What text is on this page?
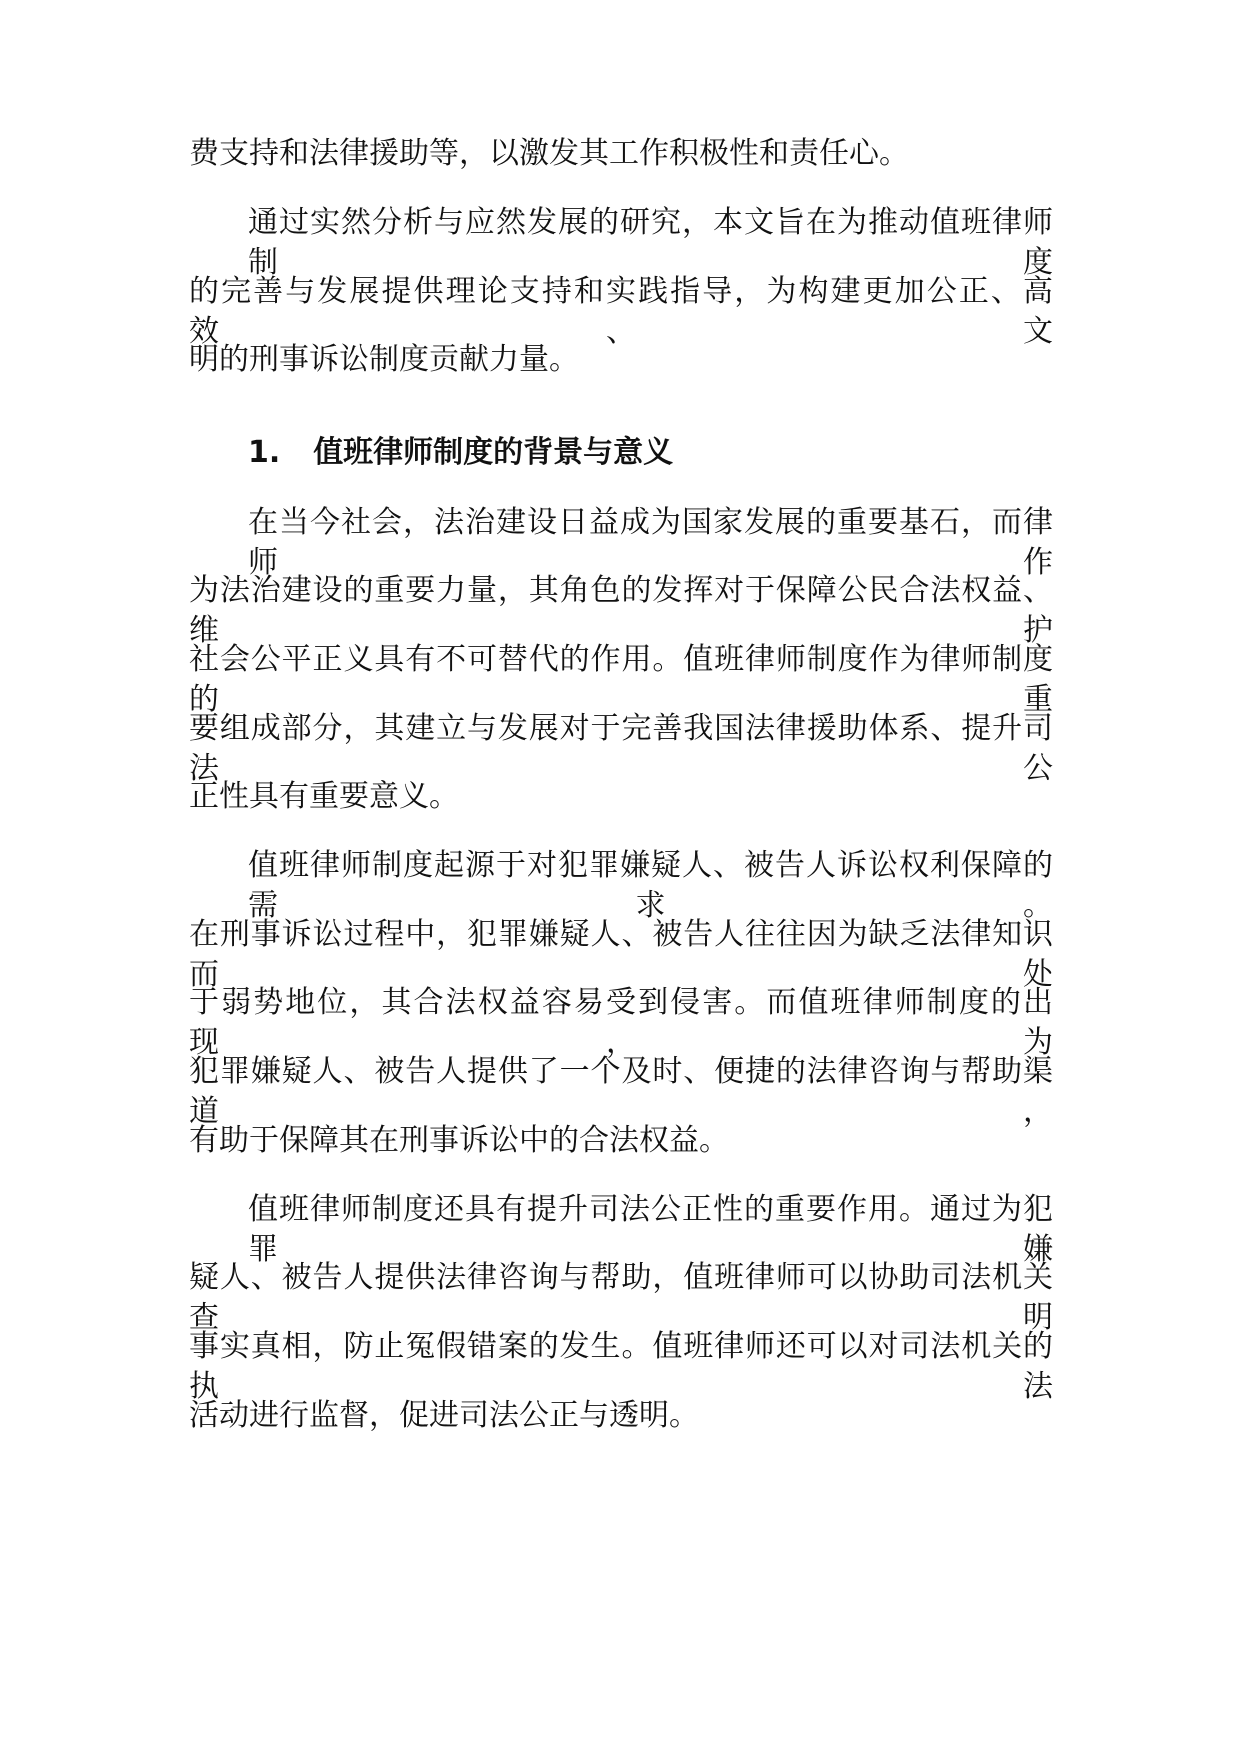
费支持和法律援助等，以激发其工作积极性和责任心。
通过实然分析与应然发展的研究，本文旨在为推动值班律师制度
的完善与发展提供理论支持和实践指导，为构建更加公正、高效、文
明的刑事诉讼制度贡献力量。
1. 值班律师制度的背景与意义
在当今社会，法治建设日益成为国家发展的重要基石，而律师作
为法治建设的重要力量，其角色的发挥对于保障公民合法权益、维护
社会公平正义具有不可替代的作用。值班律师制度作为律师制度的重
要组成部分，其建立与发展对于完善我国法律援助体系、提升司法公
正性具有重要意义。
值班律师制度起源于对犯罪嫌疑人、被告人诉讼权利保障的需求。
在刑事诉讼过程中，犯罪嫌疑人、被告人往往因为缺乏法律知识而处
于弱势地位，其合法权益容易受到侵害。而值班律师制度的出现，为
犯罪嫌疑人、被告人提供了一个及时、便捷的法律咨询与帮助渠道，
有助于保障其在刑事诉讼中的合法权益。
值班律师制度还具有提升司法公正性的重要作用。通过为犯罪嫌
疑人、被告人提供法律咨询与帮助，值班律师可以协助司法机关查明
事实真相，防止冤假错案的发生。值班律师还可以对司法机关的执法
活动进行监督，促进司法公正与透明。
